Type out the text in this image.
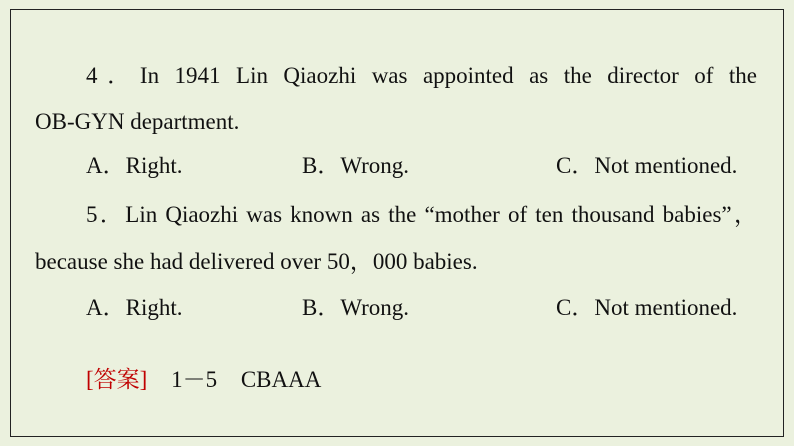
4．In 1941 Lin Qiaozhi was appointed as the director of the
OB-GYN department.
A．Right.	B．Wrong.	C．Not mentioned.
5．Lin Qiaozhi was known as the “mother of ten thousand babies”，
because she had delivered over 50，000 babies.
A．Right.	B．Wrong.	C．Not mentioned.
[答案] 1－5 CBAAA
